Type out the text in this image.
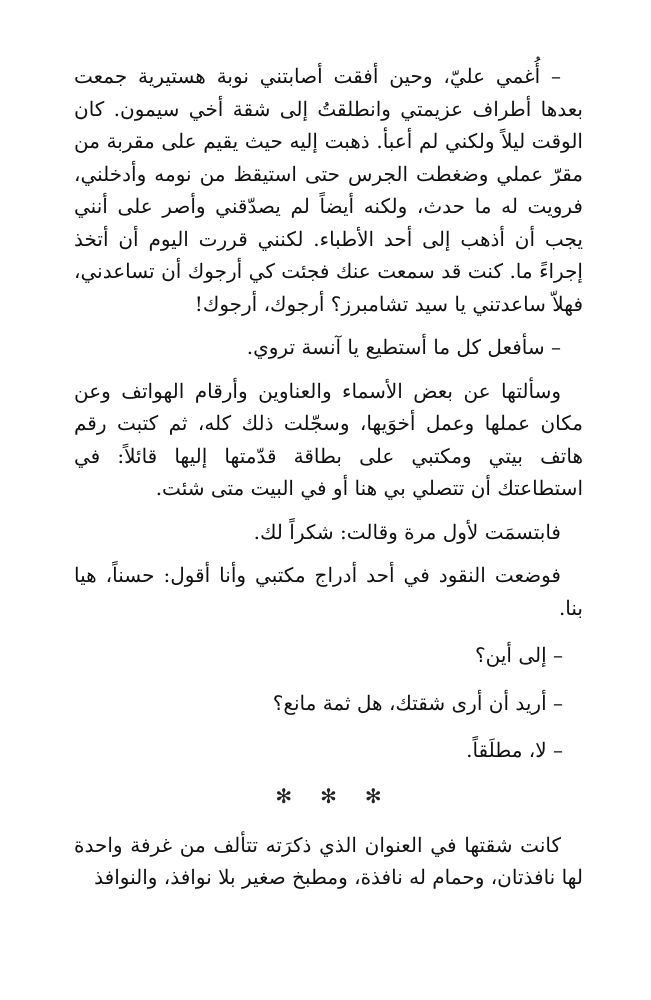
– أُغمي عليّ، وحين أفقت أصابتني نوبة هستيرية جمعت بعدها أطراف عزيمتي وانطلقتُ إلى شقة أخي سيمون. كان الوقت ليلاً ولكني لم أعبأ. ذهبت إليه حيث يقيم على مقربة من مقرّ عملي وضغطت الجرس حتى استيقظ من نومه وأدخلني، فرويت له ما حدث، ولكنه أيضاً لم يصدّقني وأصر على أنني يجب أن أذهب إلى أحد الأطباء. لكنني قررت اليوم أن أتخذ إجراءً ما. كنت قد سمعت عنك فجئت كي أرجوك أن تساعدني، فهلاّ ساعدتني يا سيد تشامبرز؟ أرجوك، أرجوك!

– سأفعل كل ما أستطيع يا آنسة تروي.

وسألتها عن بعض الأسماء والعناوين وأرقام الهواتف وعن مكان عملها وعمل أخوَيها، وسجّلت ذلك كله، ثم كتبت رقم هاتف بيتي ومكتبي على بطاقة قدّمتها إليها قائلاً: في استطاعتك أن تتصلي بي هنا أو في البيت متى شئت.

فابتسمَت لأول مرة وقالت: شكراً لك.

فوضعت النقود في أحد أدراج مكتبي وأنا أقول: حسناً، هيا بنا.

– إلى أين؟

– أريد أن أرى شقتك، هل ثمة مانع؟

– لا، مطلَقاً.

✻ ✻ ✻

كانت شقتها في العنوان الذي ذكرَته تتألف من غرفة واحدة لها نافذتان، وحمام له نافذة، ومطبخ صغير بلا نوافذ، والنوافذ
